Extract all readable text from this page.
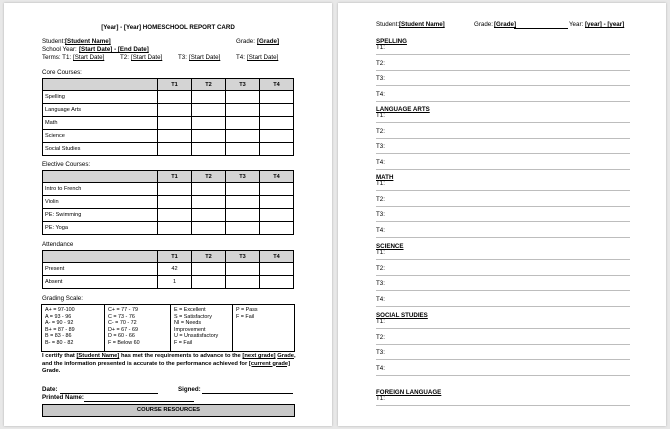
[Year] - [Year] HOMESCHOOL REPORT CARD
Student: [Student Name]	Grade: [Grade]
School Year: [Start Date] - [End Date]
Terms: T1: [Start Date]	T2: [Start Date]	T3: [Start Date]	T4: [Start Date]
Core Courses:
	T1	T2	T3	T4
Spelling				
Language Arts				
Math				
Science				
Social Studies				
Elective Courses:
	T1	T2	T3	T4
Intro to French				
Violin				
PE: Swimming				
PE: Yoga				
Attendance
	T1	T2	T3	T4
Present	42			
Absent	1			
Grading Scale:
A+ = 97-100
A = 93 - 96
A- = 90 - 92
B+ = 87 - 89
B = 83 - 86
B- = 80 - 82
C+ = 77 - 79
C = 73 - 76
C- = 70 - 72
D+ = 67 - 69
D = 60 - 66
F = Below 60
E = Excellent
S = Satisfactory
NI = Needs
Improvement
U = Unsatisfactory
F = Fail
P = Pass
F = Fail
I certify that [Student Name] has met the requirements to advance to the [next grade] Grade, and the information presented is accurate to the performance achieved for [current grade] Grade.
Date:	Signed:
Printed Name:
COURSE RESOURCES
Student: [Student Name]	Grade: [Grade]	Year: [year] - [year]
SPELLING
T1:
T2:
T3:
T4:
LANGUAGE ARTS
T1:
T2:
T3:
T4:
MATH
T1:
T2:
T3:
T4:
SCIENCE
T1:
T2:
T3:
T4:
SOCIAL STUDIES
T1:
T2:
T3:
T4:
FOREIGN LANGUAGE
T1:
